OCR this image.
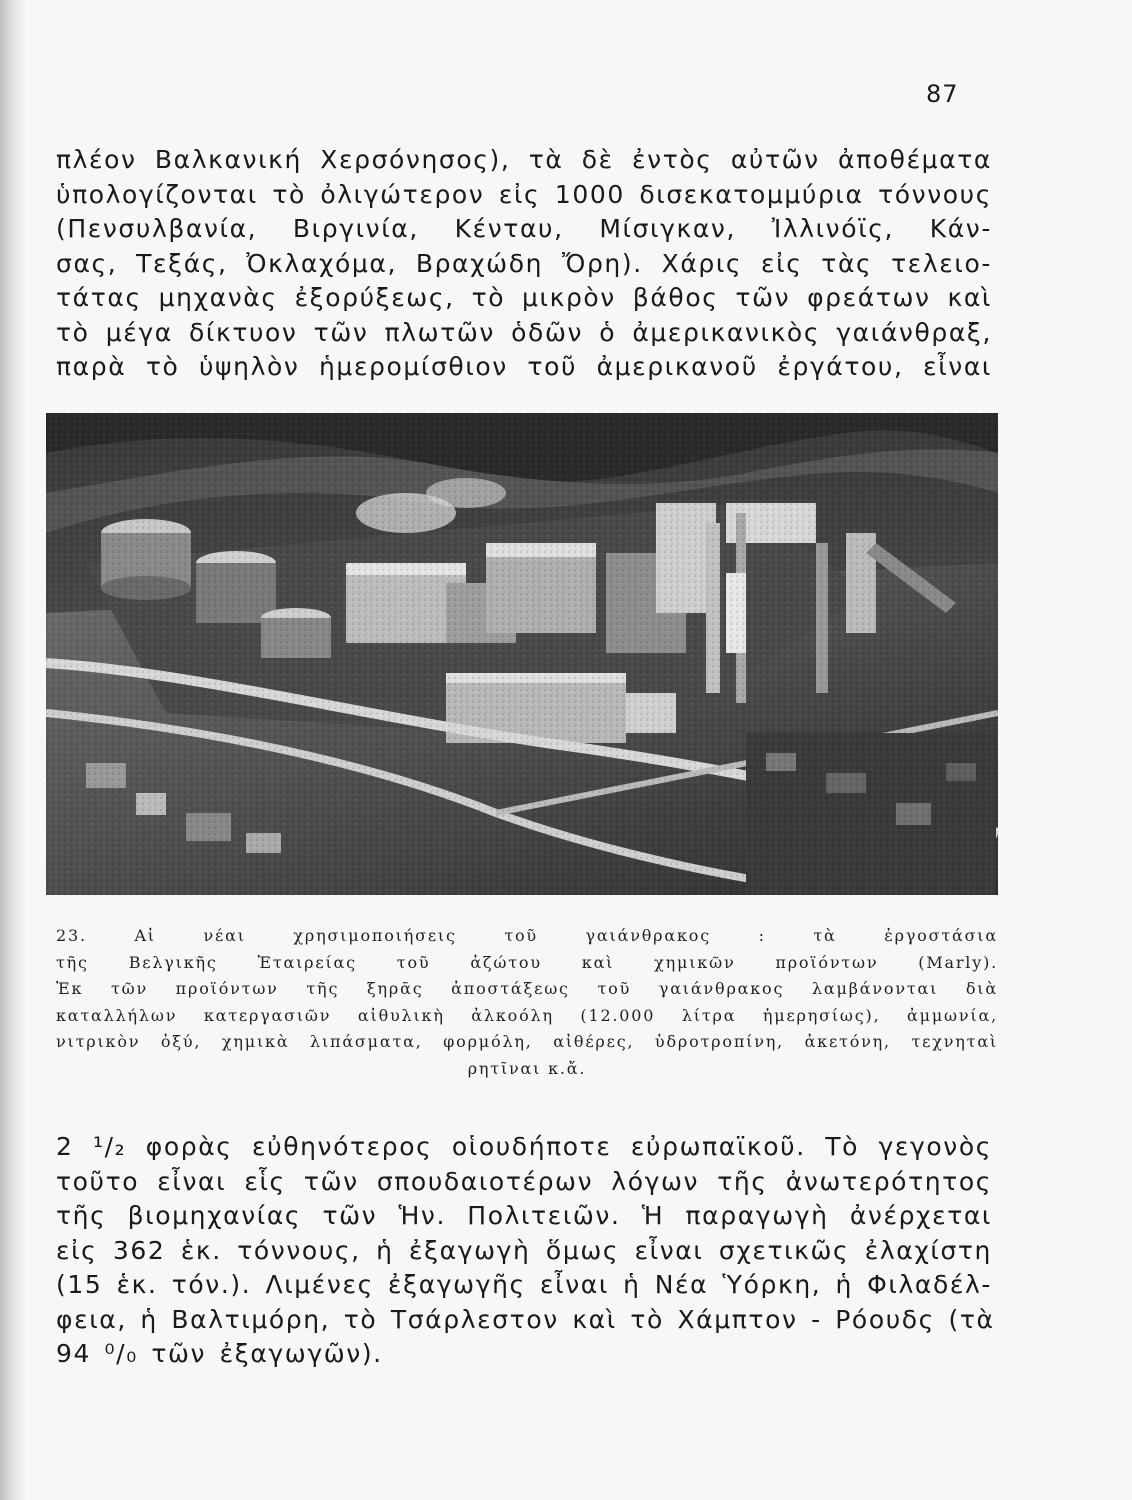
87
πλέον Βαλκανική Χερσόνησος), τὰ δὲ ἐντὸς αὐτῶν ἀποθέματα
ὑπολογίζονται τὸ ὀλιγώτερον εἰς 1000 δισεκατομμύρια τόννους
(Πενσυλβανία, Βιργινία, Κένταυ, Μίσιγκαν, Ἰλλινόϊς, Κάν-
σας, Τεξάς, Ὀκλαχόμα, Βραχώδη Ὄρη). Χάρις εἰς τὰς τελειο-
τάτας μηχανὰς ἐξορύξεως, τὸ μικρὸν βάθος τῶν φρεάτων καὶ
τὸ μέγα δίκτυον τῶν πλωτῶν ὁδῶν ὁ ἀμερικανικὸς γαιάνθραξ,
παρὰ τὸ ὑψηλὸν ἡμερομίσθιον τοῦ ἀμερικανοῦ ἐργάτου, εἶναι
23. Αἱ νέαι χρησιμοποιήσεις τοῦ γαιάνθρακος : τὰ ἐργοστάσια
τῆς Βελγικῆς Ἑταιρείας τοῦ ἀζώτου καὶ χημικῶν προϊόντων (Marly).
Ἐκ τῶν προϊόντων τῆς ξηρᾶς ἀποστάξεως τοῦ γαιάνθρακος λαμβάνονται διὰ
καταλλήλων κατεργασιῶν αἰθυλικὴ ἀλκοόλη (12.000 λίτρα ἡμερησίως), ἀμμωνία,
νιτρικὸν ὀξύ, χημικὰ λιπάσματα, φορμόλη, αἰθέρες, ὑδροτροπίνη, ἀκετόνη, τεχνηταὶ
ρητῖναι κ.ἄ.
2 ¹/₂ φορὰς εὐθηνότερος οἱουδήποτε εὐρωπαϊκοῦ. Τὸ γεγονὸς
τοῦτο εἶναι εἷς τῶν σπουδαιοτέρων λόγων τῆς ἀνωτερότητος
τῆς βιομηχανίας τῶν Ἡν. Πολιτειῶν. Ἡ παραγωγὴ ἀνέρχεται
εἰς 362 ἑκ. τόννους, ἡ ἐξαγωγὴ ὅμως εἶναι σχετικῶς ἐλαχίστη
(15 ἑκ. τόν.). Λιμένες ἐξαγωγῆς εἶναι ἡ Νέα Ὑόρκη, ἡ Φιλαδέλ-
φεια, ἡ Βαλτιμόρη, τὸ Τσάρλεστον καὶ τὸ Χάμπτον - Ρόουδς (τὰ
94 ⁰/₀ τῶν ἐξαγωγῶν).
